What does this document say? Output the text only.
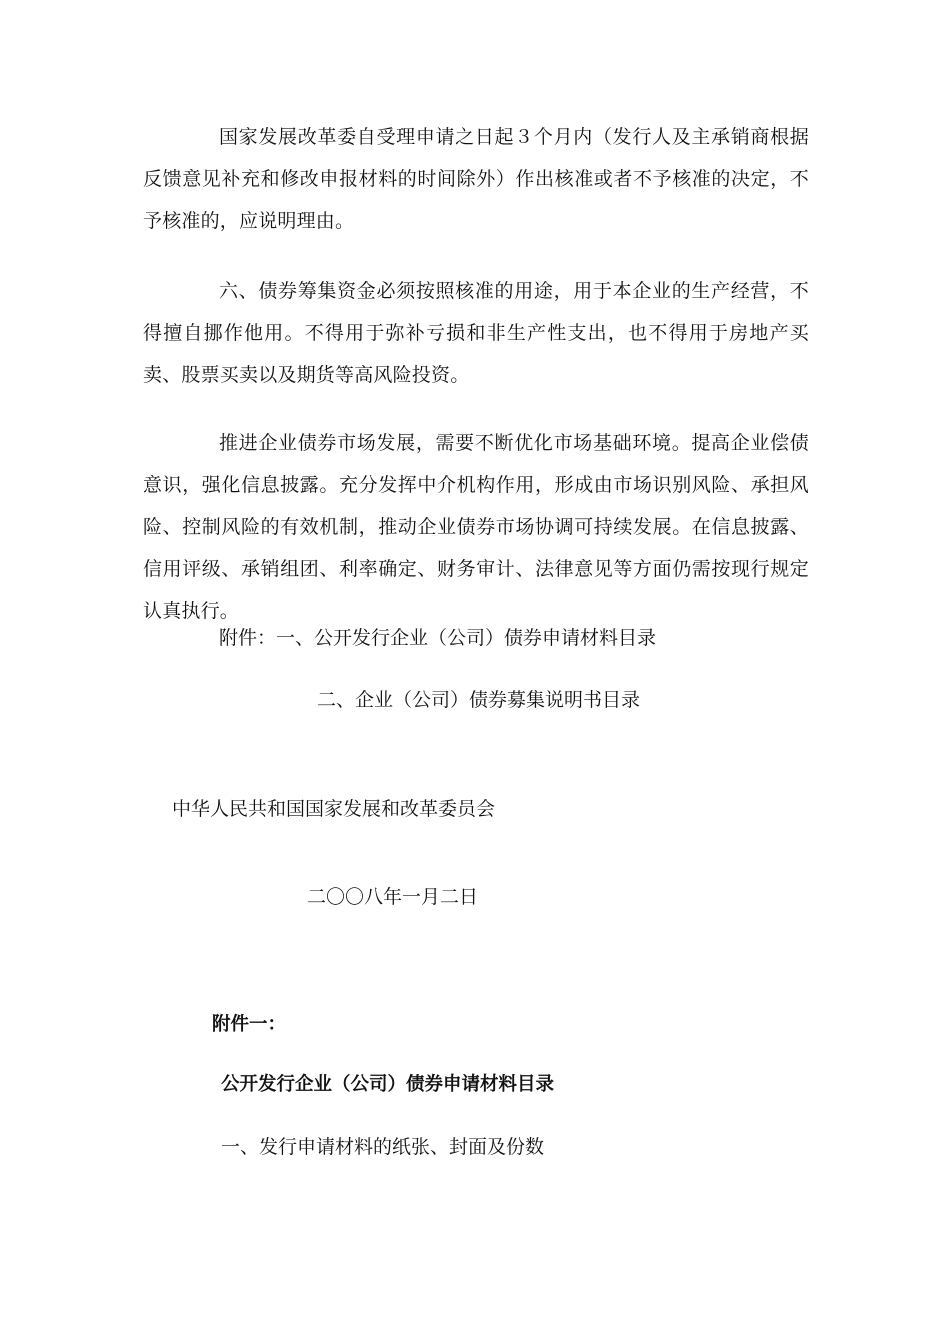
国家发展改革委自受理申请之日起３个月内（发行人及主承销商根据反馈意见补充和修改申报材料的时间除外）作出核准或者不予核准的决定，不予核准的，应说明理由。

六、债券筹集资金必须按照核准的用途，用于本企业的生产经营，不得擅自挪作他用。不得用于弥补亏损和非生产性支出，也不得用于房地产买卖、股票买卖以及期货等高风险投资。

推进企业债券市场发展，需要不断优化市场基础环境。提高企业偿债意识，强化信息披露。充分发挥中介机构作用，形成由市场识别风险、承担风险、控制风险的有效机制，推动企业债券市场协调可持续发展。在信息披露、信用评级、承销组团、利率确定、财务审计、法律意见等方面仍需按现行规定认真执行。

附件：一、公开发行企业（公司）债券申请材料目录

二、企业（公司）债券募集说明书目录

中华人民共和国国家发展和改革委员会

二〇〇八年一月二日

附件一：

公开发行企业（公司）债券申请材料目录

一、发行申请材料的纸张、封面及份数
